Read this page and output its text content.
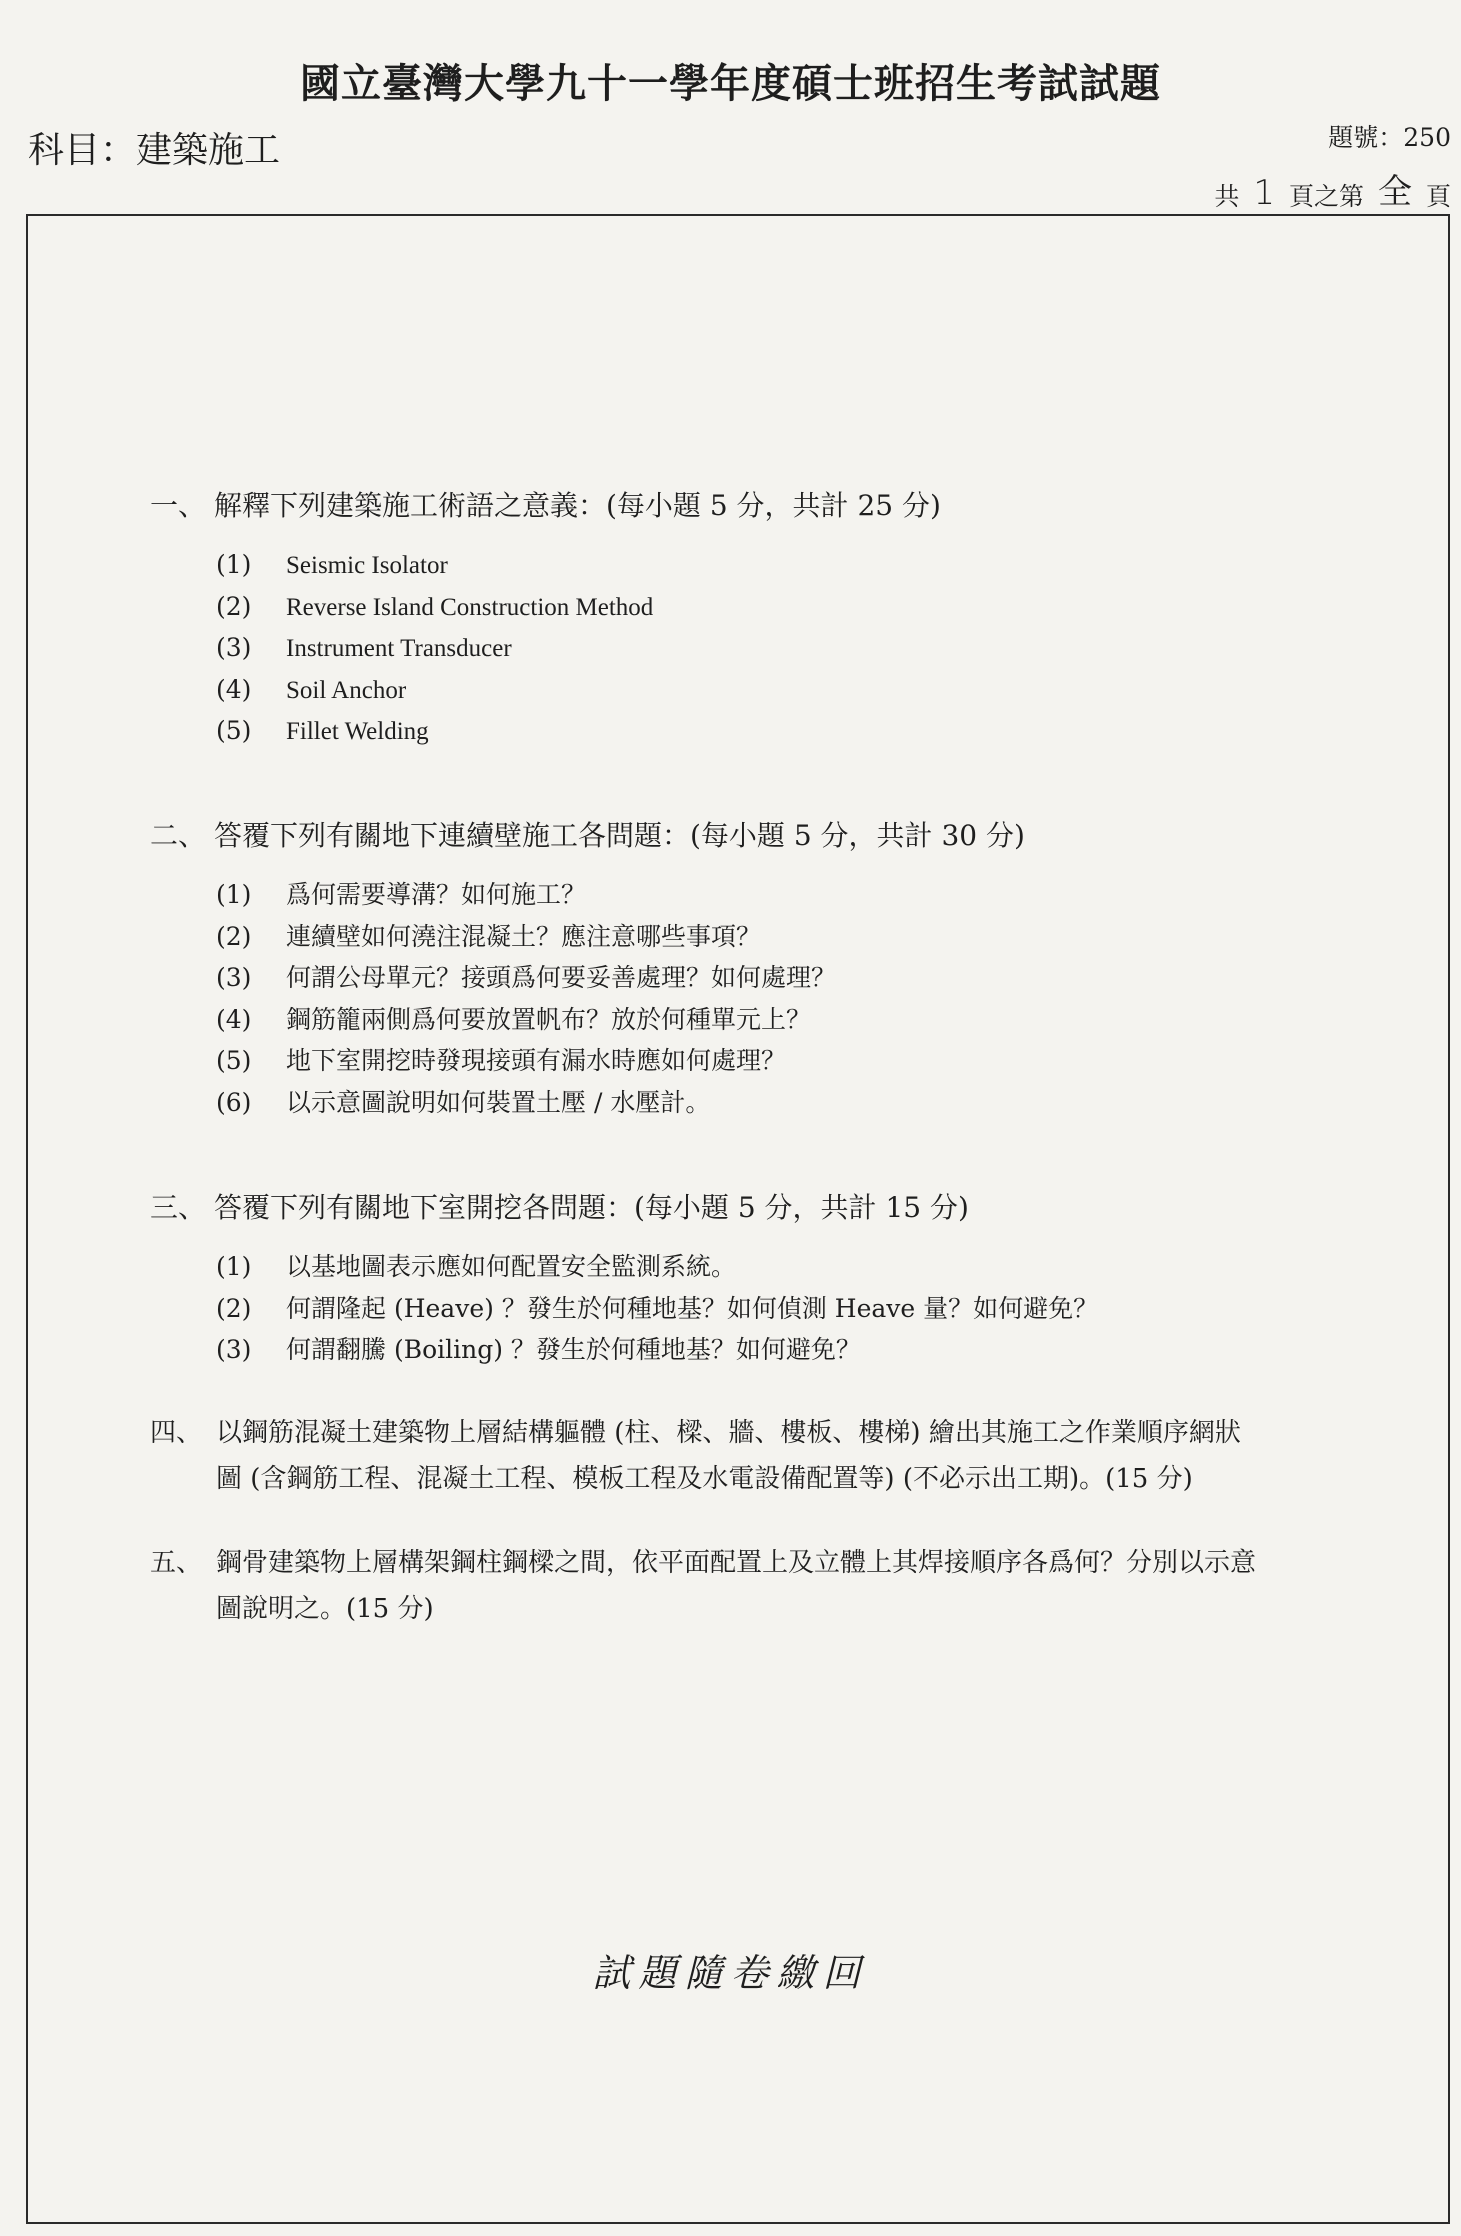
國立臺灣大學九十一學年度碩士班招生考試試題
科目：建築施工	題號：250
共 1 頁之第 全 頁
一、 解釋下列建築施工術語之意義：(每小題 5 分，共計 25 分)
(1) Seismic Isolator
(2) Reverse Island Construction Method
(3) Instrument Transducer
(4) Soil Anchor
(5) Fillet Welding
二、 答覆下列有關地下連續壁施工各問題：(每小題 5 分，共計 30 分)
(1) 爲何需要導溝？如何施工？
(2) 連續壁如何澆注混凝土？應注意哪些事項？
(3) 何謂公母單元？接頭爲何要妥善處理？如何處理？
(4) 鋼筋籠兩側爲何要放置帆布？放於何種單元上？
(5) 地下室開挖時發現接頭有漏水時應如何處理？
(6) 以示意圖說明如何裝置土壓 / 水壓計。
三、 答覆下列有關地下室開挖各問題：(每小題 5 分，共計 15 分)
(1) 以基地圖表示應如何配置安全監測系統。
(2) 何謂隆起 (Heave) ？發生於何種地基？如何偵測 Heave 量？如何避免？
(3) 何謂翻騰 (Boiling) ？發生於何種地基？如何避免？
四、 以鋼筋混凝土建築物上層結構軀體 (柱、樑、牆、樓板、樓梯) 繪出其施工之作業順序網狀
圖 (含鋼筋工程、混凝土工程、模板工程及水電設備配置等) (不必示出工期)。(15 分)
五、 鋼骨建築物上層構架鋼柱鋼樑之間，依平面配置上及立體上其焊接順序各爲何？分別以示意
圖說明之。(15 分)
試題隨卷繳回
